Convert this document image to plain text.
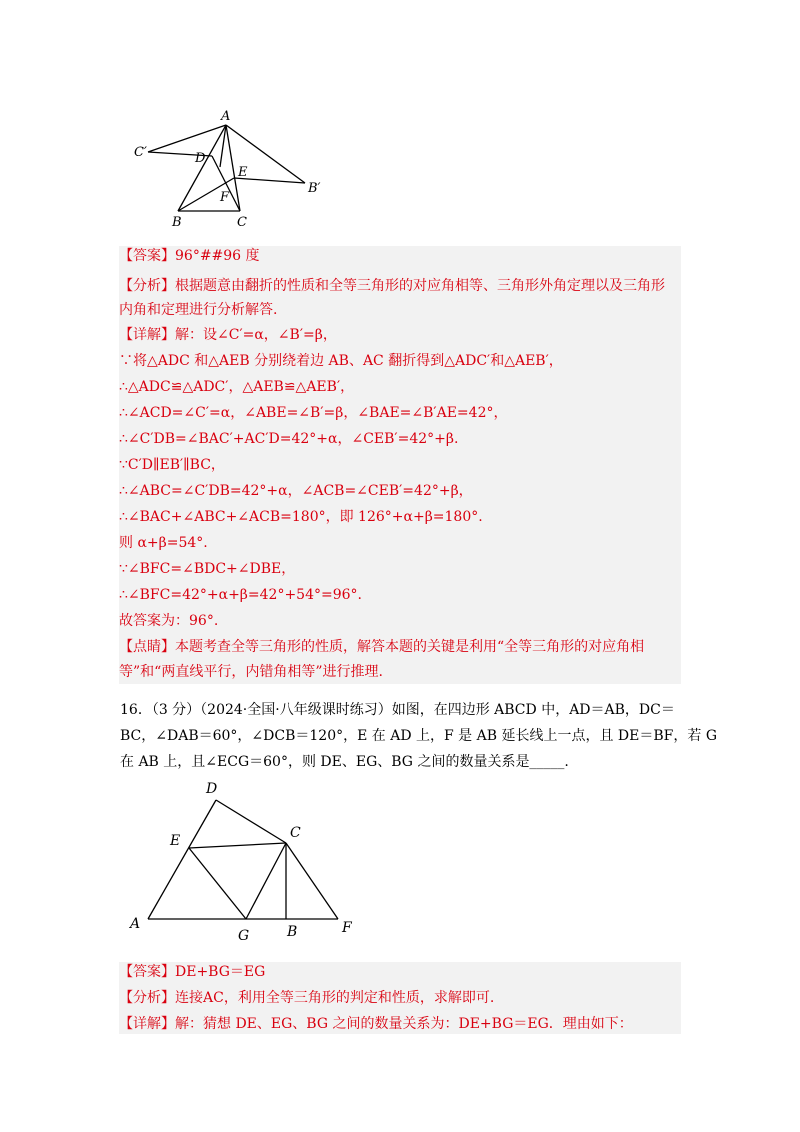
A
C′	D
E
F
B′
B	C
【答案】96°##96 度
【分析】根据题意由翻折的性质和全等三角形的对应角相等、三角形外角定理以及三角形
内角和定理进行分析解答.
【详解】解：设∠C′=α，∠B′=β，
∵将△ADC 和△AEB 分别绕着边 AB、AC 翻折得到△ADC′和△AEB′，
∴△ADC≌△ADC′，△AEB≌△AEB′，
∴∠ACD=∠C′=α，∠ABE=∠B′=β，∠BAE=∠B′AE=42°，
∴∠C′DB=∠BAC′+AC′D=42°+α，∠CEB′=42°+β.
∵C′D∥EB′∥BC，
∴∠ABC=∠C′DB=42°+α，∠ACB=∠CEB′=42°+β，
∴∠BAC+∠ABC+∠ACB=180°，即 126°+α+β=180°.
则 α+β=54°.
∵∠BFC=∠BDC+∠DBE，
∴∠BFC=42°+α+β=42°+54°=96°.
故答案为：96°.
【点睛】本题考查全等三角形的性质，解答本题的关键是利用“全等三角形的对应角相
等”和“两直线平行，内错角相等”进行推理.
16．（3 分）（2024·全国·八年级课时练习）如图，在四边形 ABCD 中，AD＝AB，DC＝
BC，∠DAB＝60°，∠DCB＝120°，E 在 AD 上，F 是 AB 延长线上一点，且 DE＝BF，若 G
在 AB 上，且∠ECG＝60°，则 DE、EG、BG 之间的数量关系是_____.
D
E	C
A
G	B	F
【答案】DE+BG＝EG
【分析】连接AC，利用全等三角形的判定和性质，求解即可.
【详解】解：猜想 DE、EG、BG 之间的数量关系为：DE+BG＝EG．理由如下：
